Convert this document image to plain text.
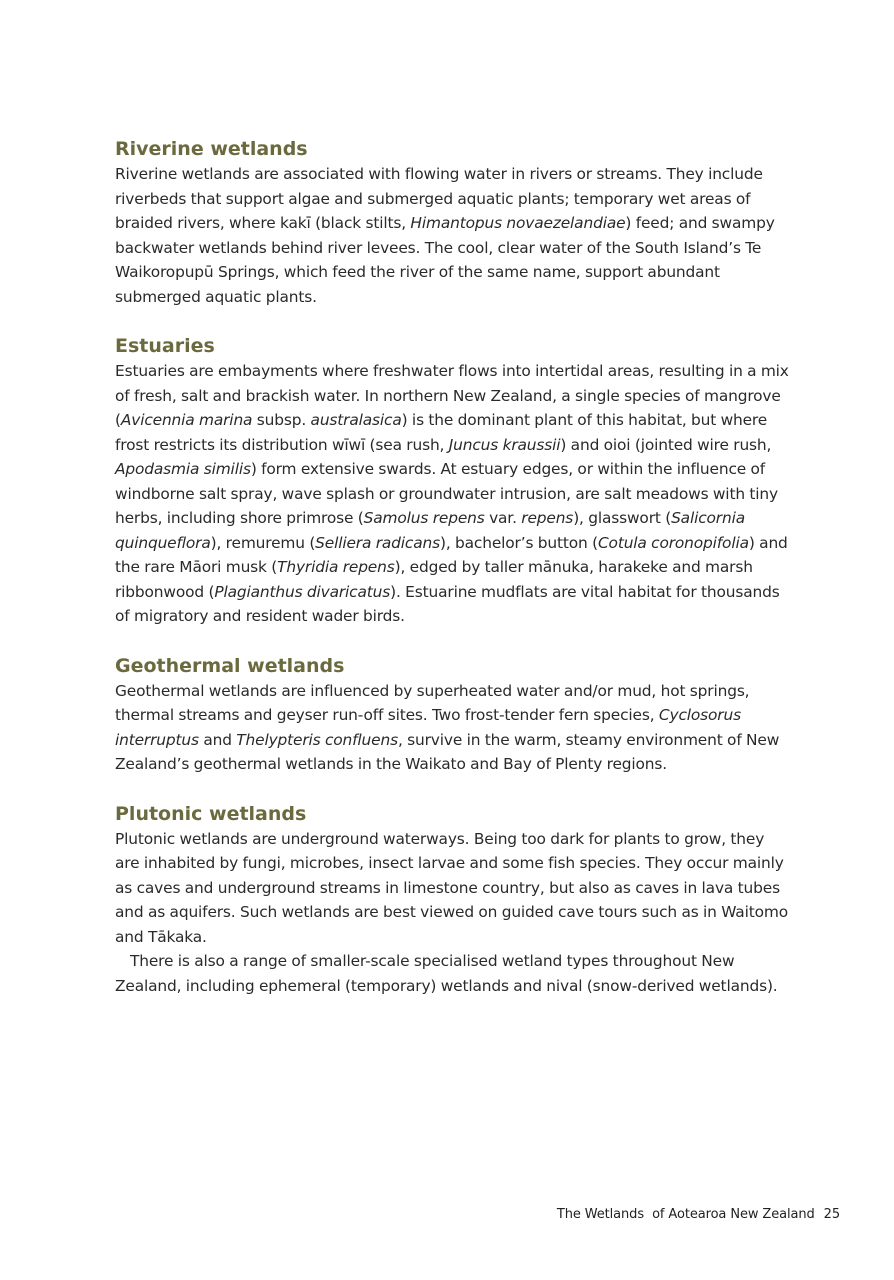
Riverine wetlands

Riverine wetlands are associated with flowing water in rivers or streams. They include riverbeds that support algae and submerged aquatic plants; temporary wet areas of braided rivers, where kakī (black stilts, Himantopus novaezelandiae) feed; and swampy backwater wetlands behind river levees. The cool, clear water of the South Island’s Te Waikoropupū Springs, which feed the river of the same name, support abundant submerged aquatic plants.

Estuaries

Estuaries are embayments where freshwater flows into intertidal areas, resulting in a mix of fresh, salt and brackish water. In northern New Zealand, a single species of mangrove (Avicennia marina subsp. australasica) is the dominant plant of this habitat, but where frost restricts its distribution wīwī (sea rush, Juncus kraussii) and oioi (jointed wire rush, Apodasmia similis) form extensive swards. At estuary edges, or within the influence of windborne salt spray, wave splash or groundwater intrusion, are salt meadows with tiny herbs, including shore primrose (Samolus repens var. repens), glasswort (Salicornia quinqueflora), remuremu (Selliera radicans), bachelor’s button (Cotula coronopifolia) and the rare Māori musk (Thyridia repens), edged by taller mānuka, harakeke and marsh ribbonwood (Plagianthus divaricatus). Estuarine mudflats are vital habitat for thousands of migratory and resident wader birds.

Geothermal wetlands

Geothermal wetlands are influenced by superheated water and/or mud, hot springs, thermal streams and geyser run-off sites. Two frost-tender fern species, Cyclosorus interruptus and Thelypteris confluens, survive in the warm, steamy environment of New Zealand’s geothermal wetlands in the Waikato and Bay of Plenty regions.

Plutonic wetlands

Plutonic wetlands are underground waterways. Being too dark for plants to grow, they are inhabited by fungi, microbes, insect larvae and some fish species. They occur mainly as caves and underground streams in limestone country, but also as caves in lava tubes and as aquifers. Such wetlands are best viewed on guided cave tours such as in Waitomo and Tākaka.

There is also a range of smaller-scale specialised wetland types throughout New Zealand, including ephemeral (temporary) wetlands and nival (snow-derived wetlands).

The Wetlands  of Aotearoa New Zealand 25
